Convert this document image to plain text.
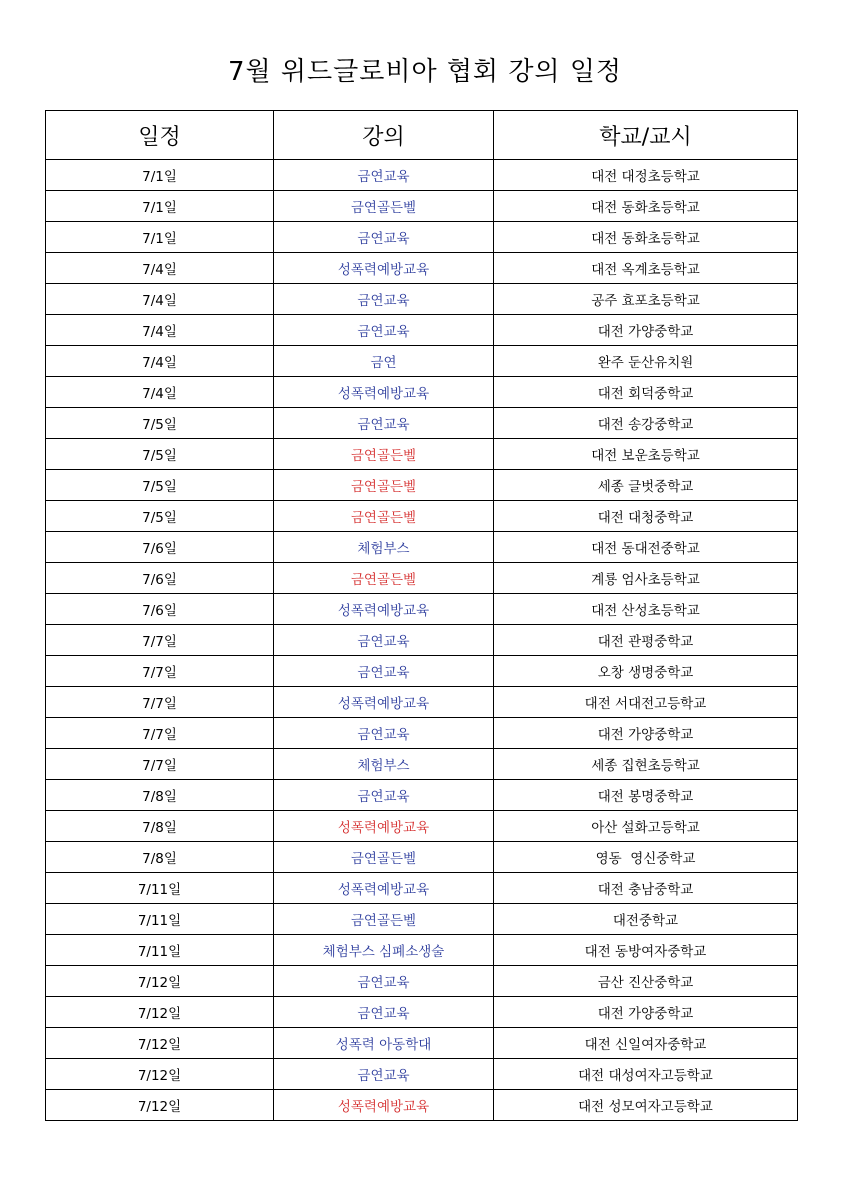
7월 위드글로비아 협회 강의 일정
일정	강의	학교/교시
7/1일	금연교육	대전 대정초등학교
7/1일	금연골든벨	대전 동화초등학교
7/1일	금연교육	대전 동화초등학교
7/4일	성폭력예방교육	대전 옥계초등학교
7/4일	금연교육	공주 효포초등학교
7/4일	금연교육	대전 가양중학교
7/4일	금연	완주 둔산유치원
7/4일	성폭력예방교육	대전 회덕중학교
7/5일	금연교육	대전 송강중학교
7/5일	금연골든벨	대전 보운초등학교
7/5일	금연골든벨	세종 글벗중학교
7/5일	금연골든벨	대전 대청중학교
7/6일	체험부스	대전 동대전중학교
7/6일	금연골든벨	계룡 엄사초등학교
7/6일	성폭력예방교육	대전 산성초등학교
7/7일	금연교육	대전 관평중학교
7/7일	금연교육	오창 생명중학교
7/7일	성폭력예방교육	대전 서대전고등학교
7/7일	금연교육	대전 가양중학교
7/7일	체험부스	세종 집현초등학교
7/8일	금연교육	대전 봉명중학교
7/8일	성폭력예방교육	아산 설화고등학교
7/8일	금연골든벨	영동  영신중학교
7/11일	성폭력예방교육	대전 충남중학교
7/11일	금연골든벨	대전중학교
7/11일	체험부스 심폐소생술	대전 동방여자중학교
7/12일	금연교육	금산 진산중학교
7/12일	금연교육	대전 가양중학교
7/12일	성폭력 아동학대	대전 신일여자중학교
7/12일	금연교육	대전 대성여자고등학교
7/12일	성폭력예방교육	대전 성모여자고등학교
